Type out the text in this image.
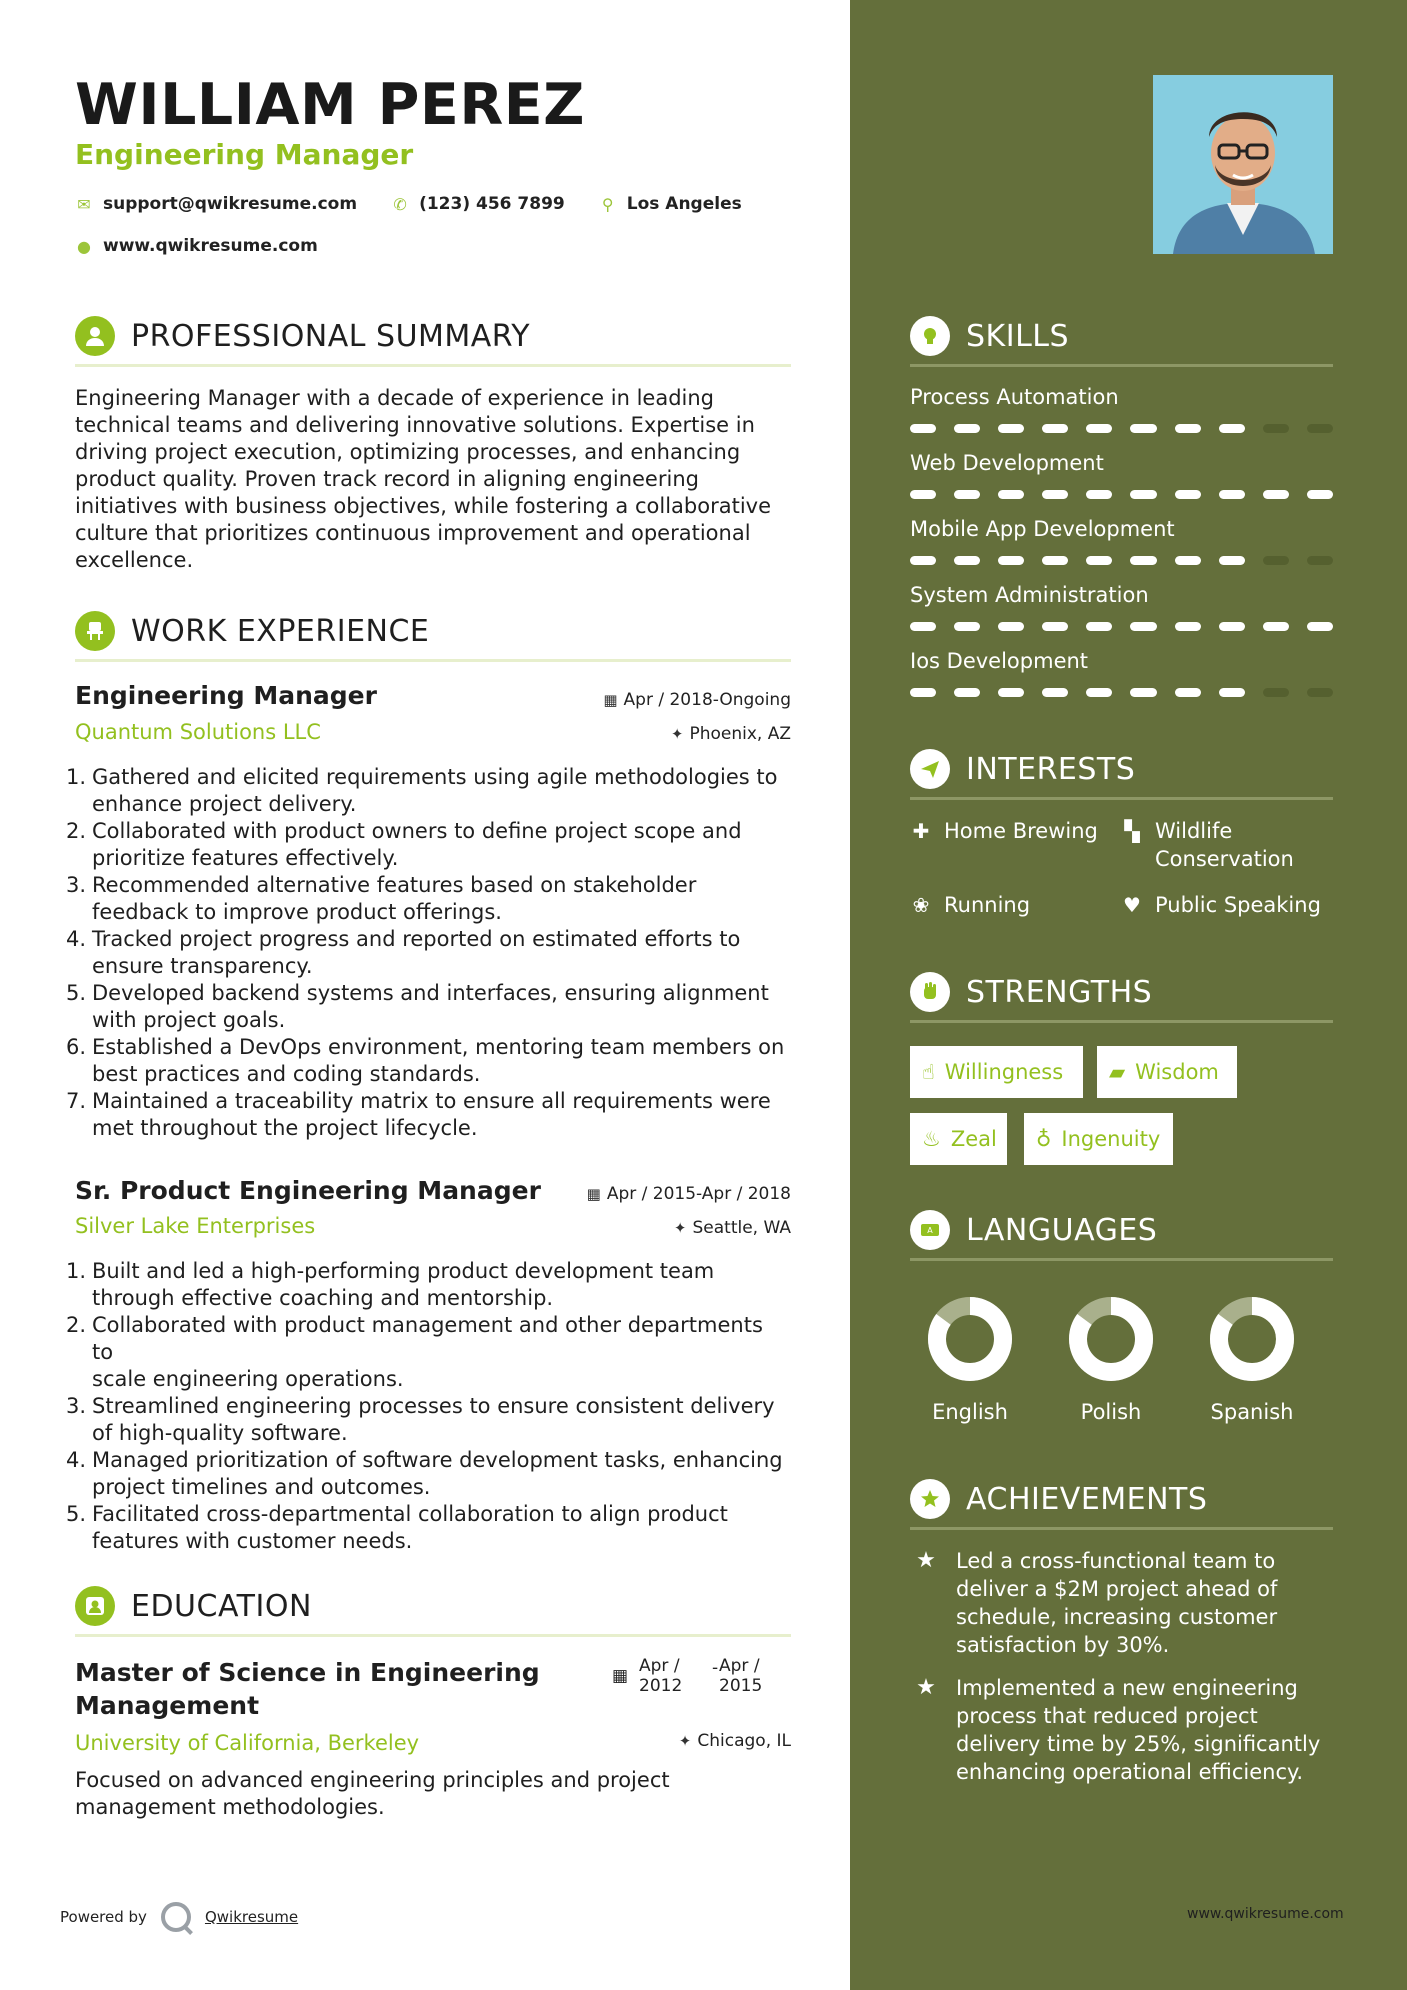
WILLIAM PEREZ
Engineering Manager
✉ support@qwikresume.com ✆ (123) 456 7899 ⚲ Los Angeles
● www.qwikresume.com
PROFESSIONAL SUMMARY
Engineering Manager with a decade of experience in leading
technical teams and delivering innovative solutions. Expertise in
driving project execution, optimizing processes, and enhancing
product quality. Proven track record in aligning engineering
initiatives with business objectives, while fostering a collaborative
culture that prioritizes continuous improvement and operational
excellence.
WORK EXPERIENCE
Engineering Manager	▦ Apr / 2018-Ongoing
Quantum Solutions LLC	✦ Phoenix, AZ
1. Gathered and elicited requirements using agile methodologies to
enhance project delivery.
2. Collaborated with product owners to define project scope and
prioritize features effectively.
3. Recommended alternative features based on stakeholder
feedback to improve product offerings.
4. Tracked project progress and reported on estimated efforts to
ensure transparency.
5. Developed backend systems and interfaces, ensuring alignment
with project goals.
6. Established a DevOps environment, mentoring team members on
best practices and coding standards.
7. Maintained a traceability matrix to ensure all requirements were
met throughout the project lifecycle.
Sr. Product Engineering Manager	▦ Apr / 2015-Apr / 2018
Silver Lake Enterprises	✦ Seattle, WA
1. Built and led a high-performing product development team
through effective coaching and mentorship.
2. Collaborated with product management and other departments to
scale engineering operations.
3. Streamlined engineering processes to ensure consistent delivery
of high-quality software.
4. Managed prioritization of software development tasks, enhancing
project timelines and outcomes.
5. Facilitated cross-departmental collaboration to align product
features with customer needs.
EDUCATION
Master of Science in Engineering
Management
▦ Apr /
2012
- Apr /
2015
University of California, Berkeley	✦ Chicago, IL
Focused on advanced engineering principles and project
management methodologies.
Powered by	Qwikresume
SKILLS
Process Automation
Web Development
Mobile App Development
System Administration
Ios Development
INTERESTS
✚ Home Brewing ▚ Wildlife
Conservation
❀ Running	♥ Public Speaking
STRENGTHS
☝ Willingness ▰ Wisdom
♨ Zeal ♁ Ingenuity
A LANGUAGES
English	Polish	Spanish
ACHIEVEMENTS
★ Led a cross-functional team to
deliver a $2M project ahead of
schedule, increasing customer
satisfaction by 30%.
★ Implemented a new engineering
process that reduced project
delivery time by 25%, significantly
enhancing operational efficiency.
www.qwikresume.com
